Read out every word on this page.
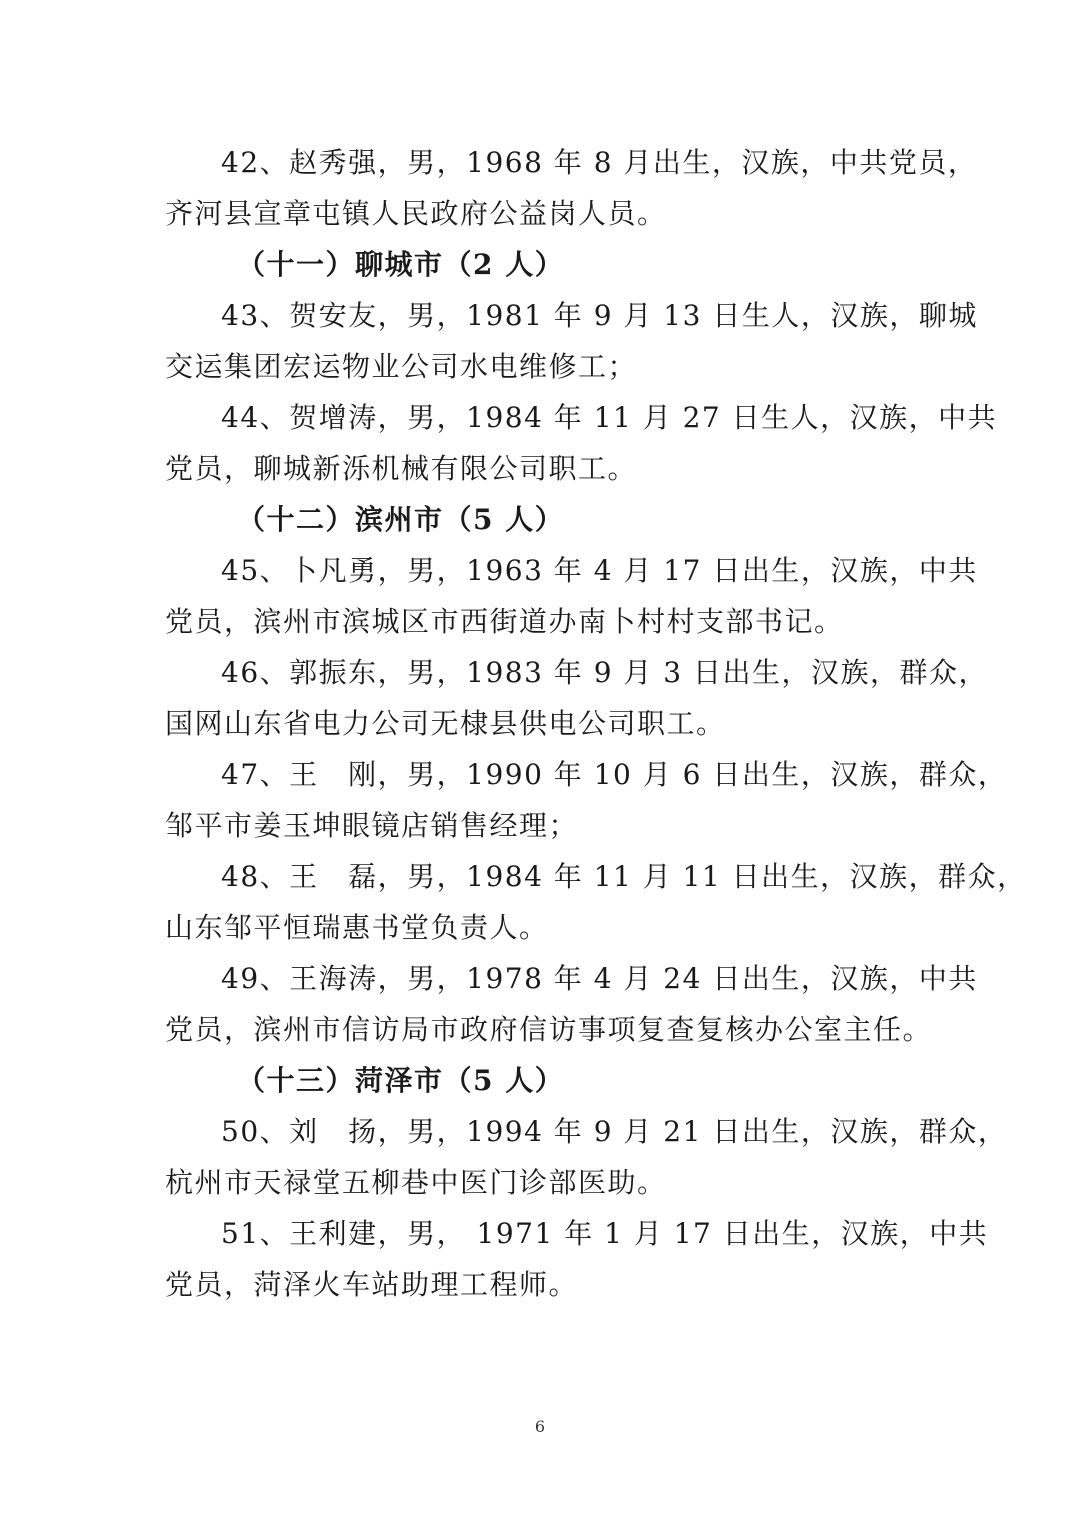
42、赵秀强，男，1968 年 8 月出生，汉族，中共党员，
齐河县宣章屯镇人民政府公益岗人员。
（十一）聊城市（2 人）
43、贺安友，男，1981 年 9 月 13 日生人，汉族，聊城
交运集团宏运物业公司水电维修工；
44、贺增涛，男，1984 年 11 月 27 日生人，汉族，中共
党员，聊城新泺机械有限公司职工。
（十二）滨州市（5 人）
45、卜凡勇，男，1963 年 4 月 17 日出生，汉族，中共
党员，滨州市滨城区市西街道办南卜村村支部书记。
46、郭振东，男，1983 年 9 月 3 日出生，汉族，群众，
国网山东省电力公司无棣县供电公司职工。
47、王　刚，男，1990 年 10 月 6 日出生，汉族，群众，
邹平市姜玉坤眼镜店销售经理；
48、王　磊，男，1984 年 11 月 11 日出生，汉族，群众，
山东邹平恒瑞惠书堂负责人。
49、王海涛，男，1978 年 4 月 24 日出生，汉族，中共
党员，滨州市信访局市政府信访事项复查复核办公室主任。
（十三）菏泽市（5 人）
50、刘　扬，男，1994 年 9 月 21 日出生，汉族，群众，
杭州市天禄堂五柳巷中医门诊部医助。
51、王利建，男， 1971 年 1 月 17 日出生，汉族，中共
党员，菏泽火车站助理工程师。
6
